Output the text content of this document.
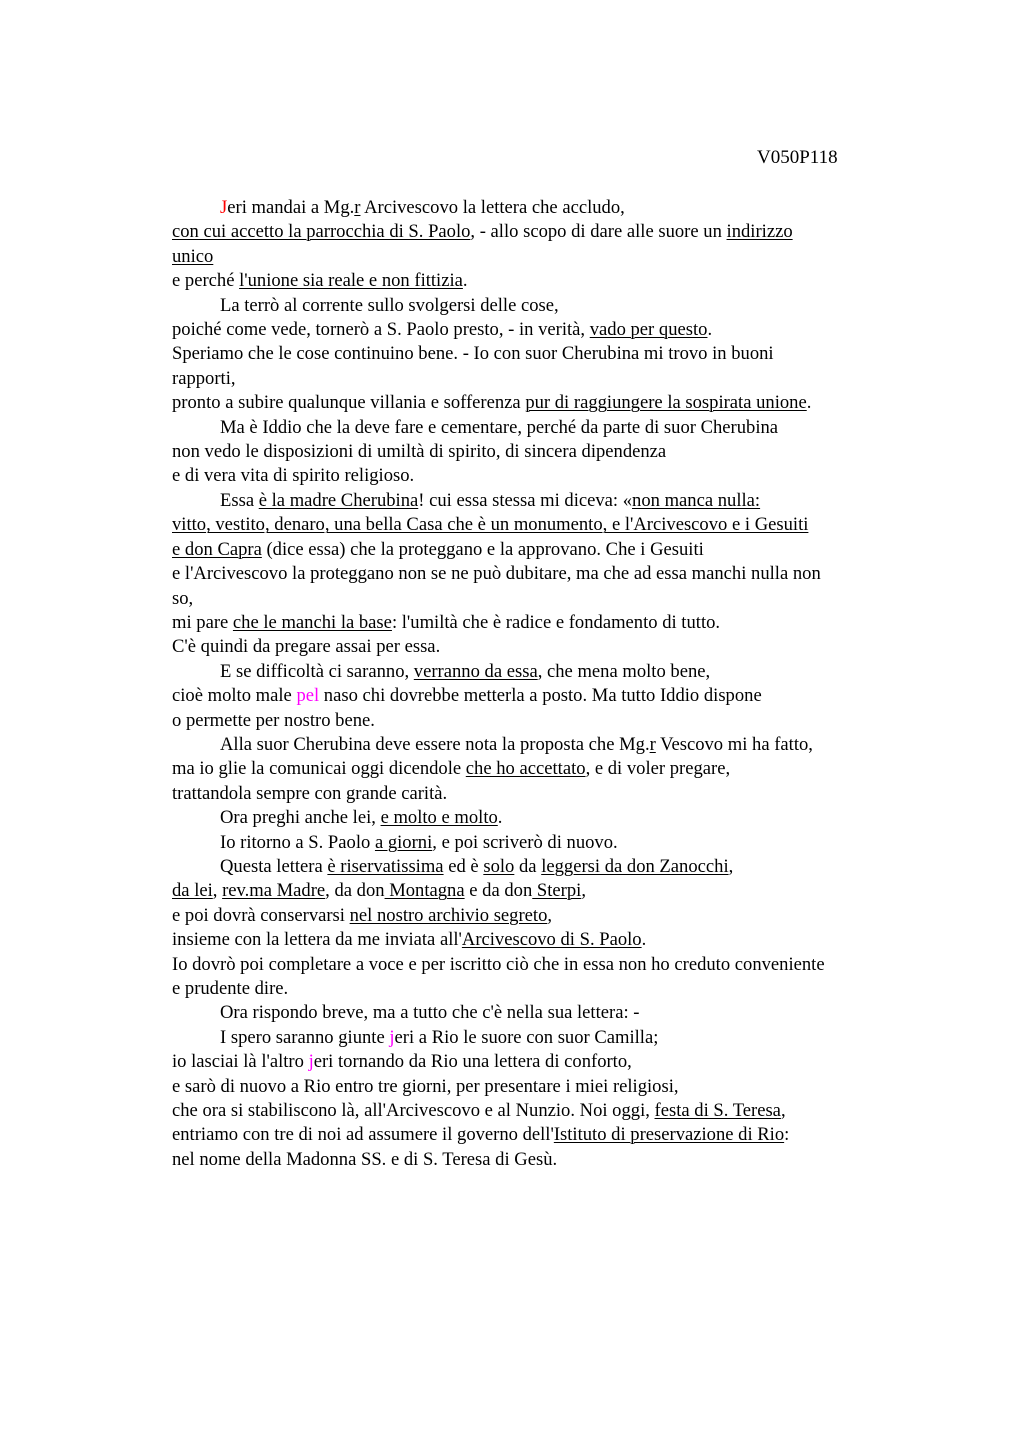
V050P118
Jeri mandai a Mg.r Arcivescovo la lettera che accludo,
con cui accetto la parrocchia di S. Paolo, - allo scopo di dare alle suore un indirizzo
unico
e perché l'unione sia reale e non fittizia.
La terrò al corrente sullo svolgersi delle cose,
poiché come vede, tornerò a S. Paolo presto, - in verità, vado per questo.
Speriamo che le cose continuino bene. - Io con suor Cherubina mi trovo in buoni
rapporti,
pronto a subire qualunque villania e sofferenza pur di raggiungere la sospirata unione.
Ma è Iddio che la deve fare e cementare, perché da parte di suor Cherubina
non vedo le disposizioni di umiltà di spirito, di sincera dipendenza
e di vera vita di spirito religioso.
Essa è la madre Cherubina! cui essa stessa mi diceva: «non manca nulla:
vitto, vestito, denaro, una bella Casa che è un monumento, e l'Arcivescovo e i Gesuiti
e don Capra (dice essa) che la proteggano e la approvano. Che i Gesuiti
e l'Arcivescovo la proteggano non se ne può dubitare, ma che ad essa manchi nulla non
so,
mi pare che le manchi la base: l'umiltà che è radice e fondamento di tutto.
C'è quindi da pregare assai per essa.
E se difficoltà ci saranno, verranno da essa, che mena molto bene,
cioè molto male pel naso chi dovrebbe metterla a posto. Ma tutto Iddio dispone
o permette per nostro bene.
Alla suor Cherubina deve essere nota la proposta che Mg.r Vescovo mi ha fatto,
ma io glie la comunicai oggi dicendole che ho accettato, e di voler pregare,
trattandola sempre con grande carità.
Ora preghi anche lei, e molto e molto.
Io ritorno a S. Paolo a giorni, e poi scriverò di nuovo.
Questa lettera è riservatissima ed è solo da leggersi da don Zanocchi,
da lei, rev.ma Madre, da don Montagna e da don Sterpi,
e poi dovrà conservarsi nel nostro archivio segreto,
insieme con la lettera da me inviata all'Arcivescovo di S. Paolo.
Io dovrò poi completare a voce e per iscritto ciò che in essa non ho creduto conveniente
e prudente dire.
Ora rispondo breve, ma a tutto che c'è nella sua lettera: -
I spero saranno giunte jeri a Rio le suore con suor Camilla;
io lasciai là l'altro jeri tornando da Rio una lettera di conforto,
e sarò di nuovo a Rio entro tre giorni, per presentare i miei religiosi,
che ora si stabiliscono là, all'Arcivescovo e al Nunzio. Noi oggi, festa di S. Teresa,
entriamo con tre di noi ad assumere il governo dell'Istituto di preservazione di Rio:
nel nome della Madonna SS. e di S. Teresa di Gesù.
